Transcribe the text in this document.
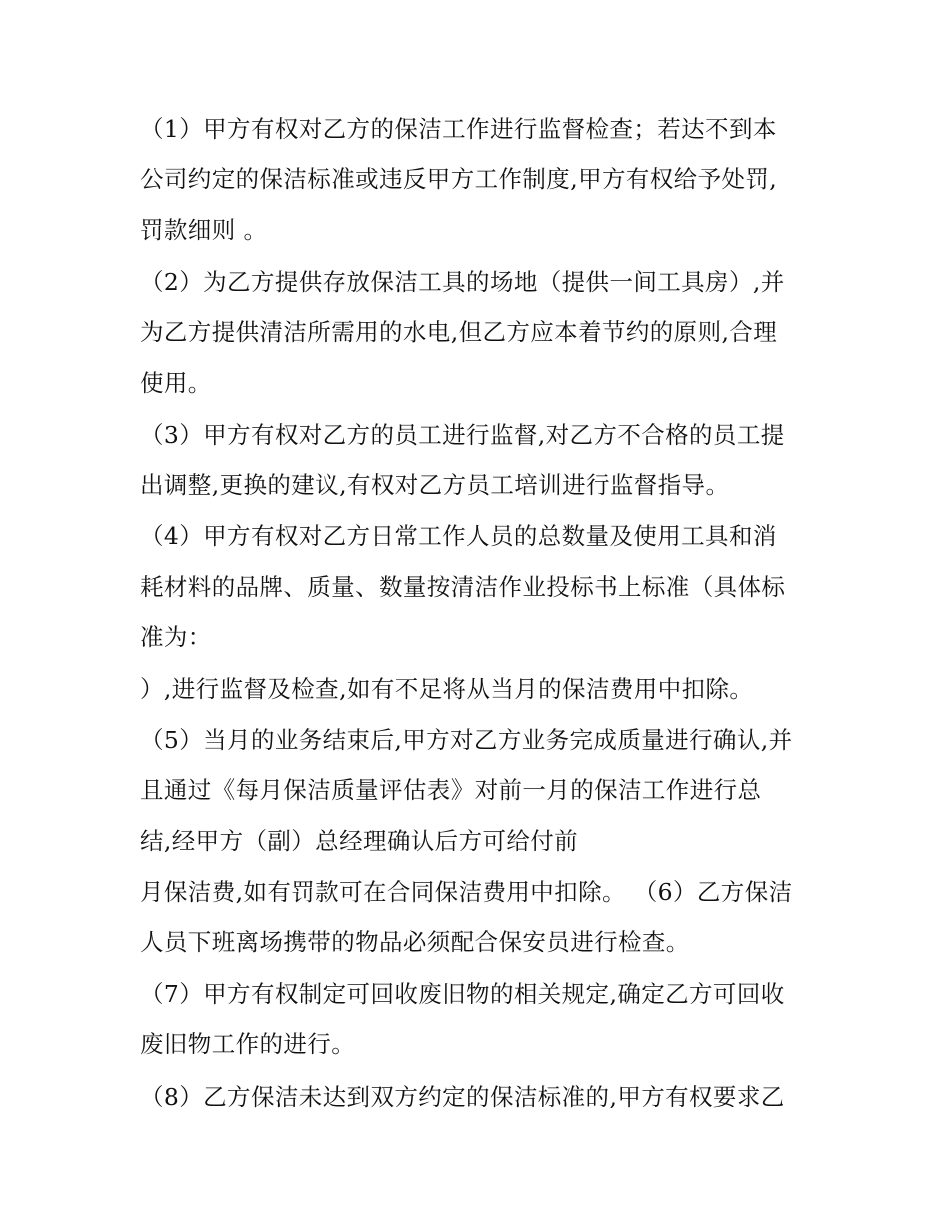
（1）甲方有权对乙方的保洁工作进行监督检查；若达不到本
公司约定的保洁标准或违反甲方工作制度,甲方有权给予处罚,
罚款细则 。
（2）为乙方提供存放保洁工具的场地（提供一间工具房）,并
为乙方提供清洁所需用的水电,但乙方应本着节约的原则,合理
使用。
（3）甲方有权对乙方的员工进行监督,对乙方不合格的员工提
出调整,更换的建议,有权对乙方员工培训进行监督指导。
（4）甲方有权对乙方日常工作人员的总数量及使用工具和消
耗材料的品牌、质量、数量按清洁作业投标书上标准（具体标
准为：
）,进行监督及检查,如有不足将从当月的保洁费用中扣除。
（5）当月的业务结束后,甲方对乙方业务完成质量进行确认,并
且通过《每月保洁质量评估表》对前一月的保洁工作进行总
结,经甲方（副）总经理确认后方可给付前
月保洁费,如有罚款可在合同保洁费用中扣除。 （6）乙方保洁
人员下班离场携带的物品必须配合保安员进行检查。
（7）甲方有权制定可回收废旧物的相关规定,确定乙方可回收
废旧物工作的进行。
（8）乙方保洁未达到双方约定的保洁标准的,甲方有权要求乙
